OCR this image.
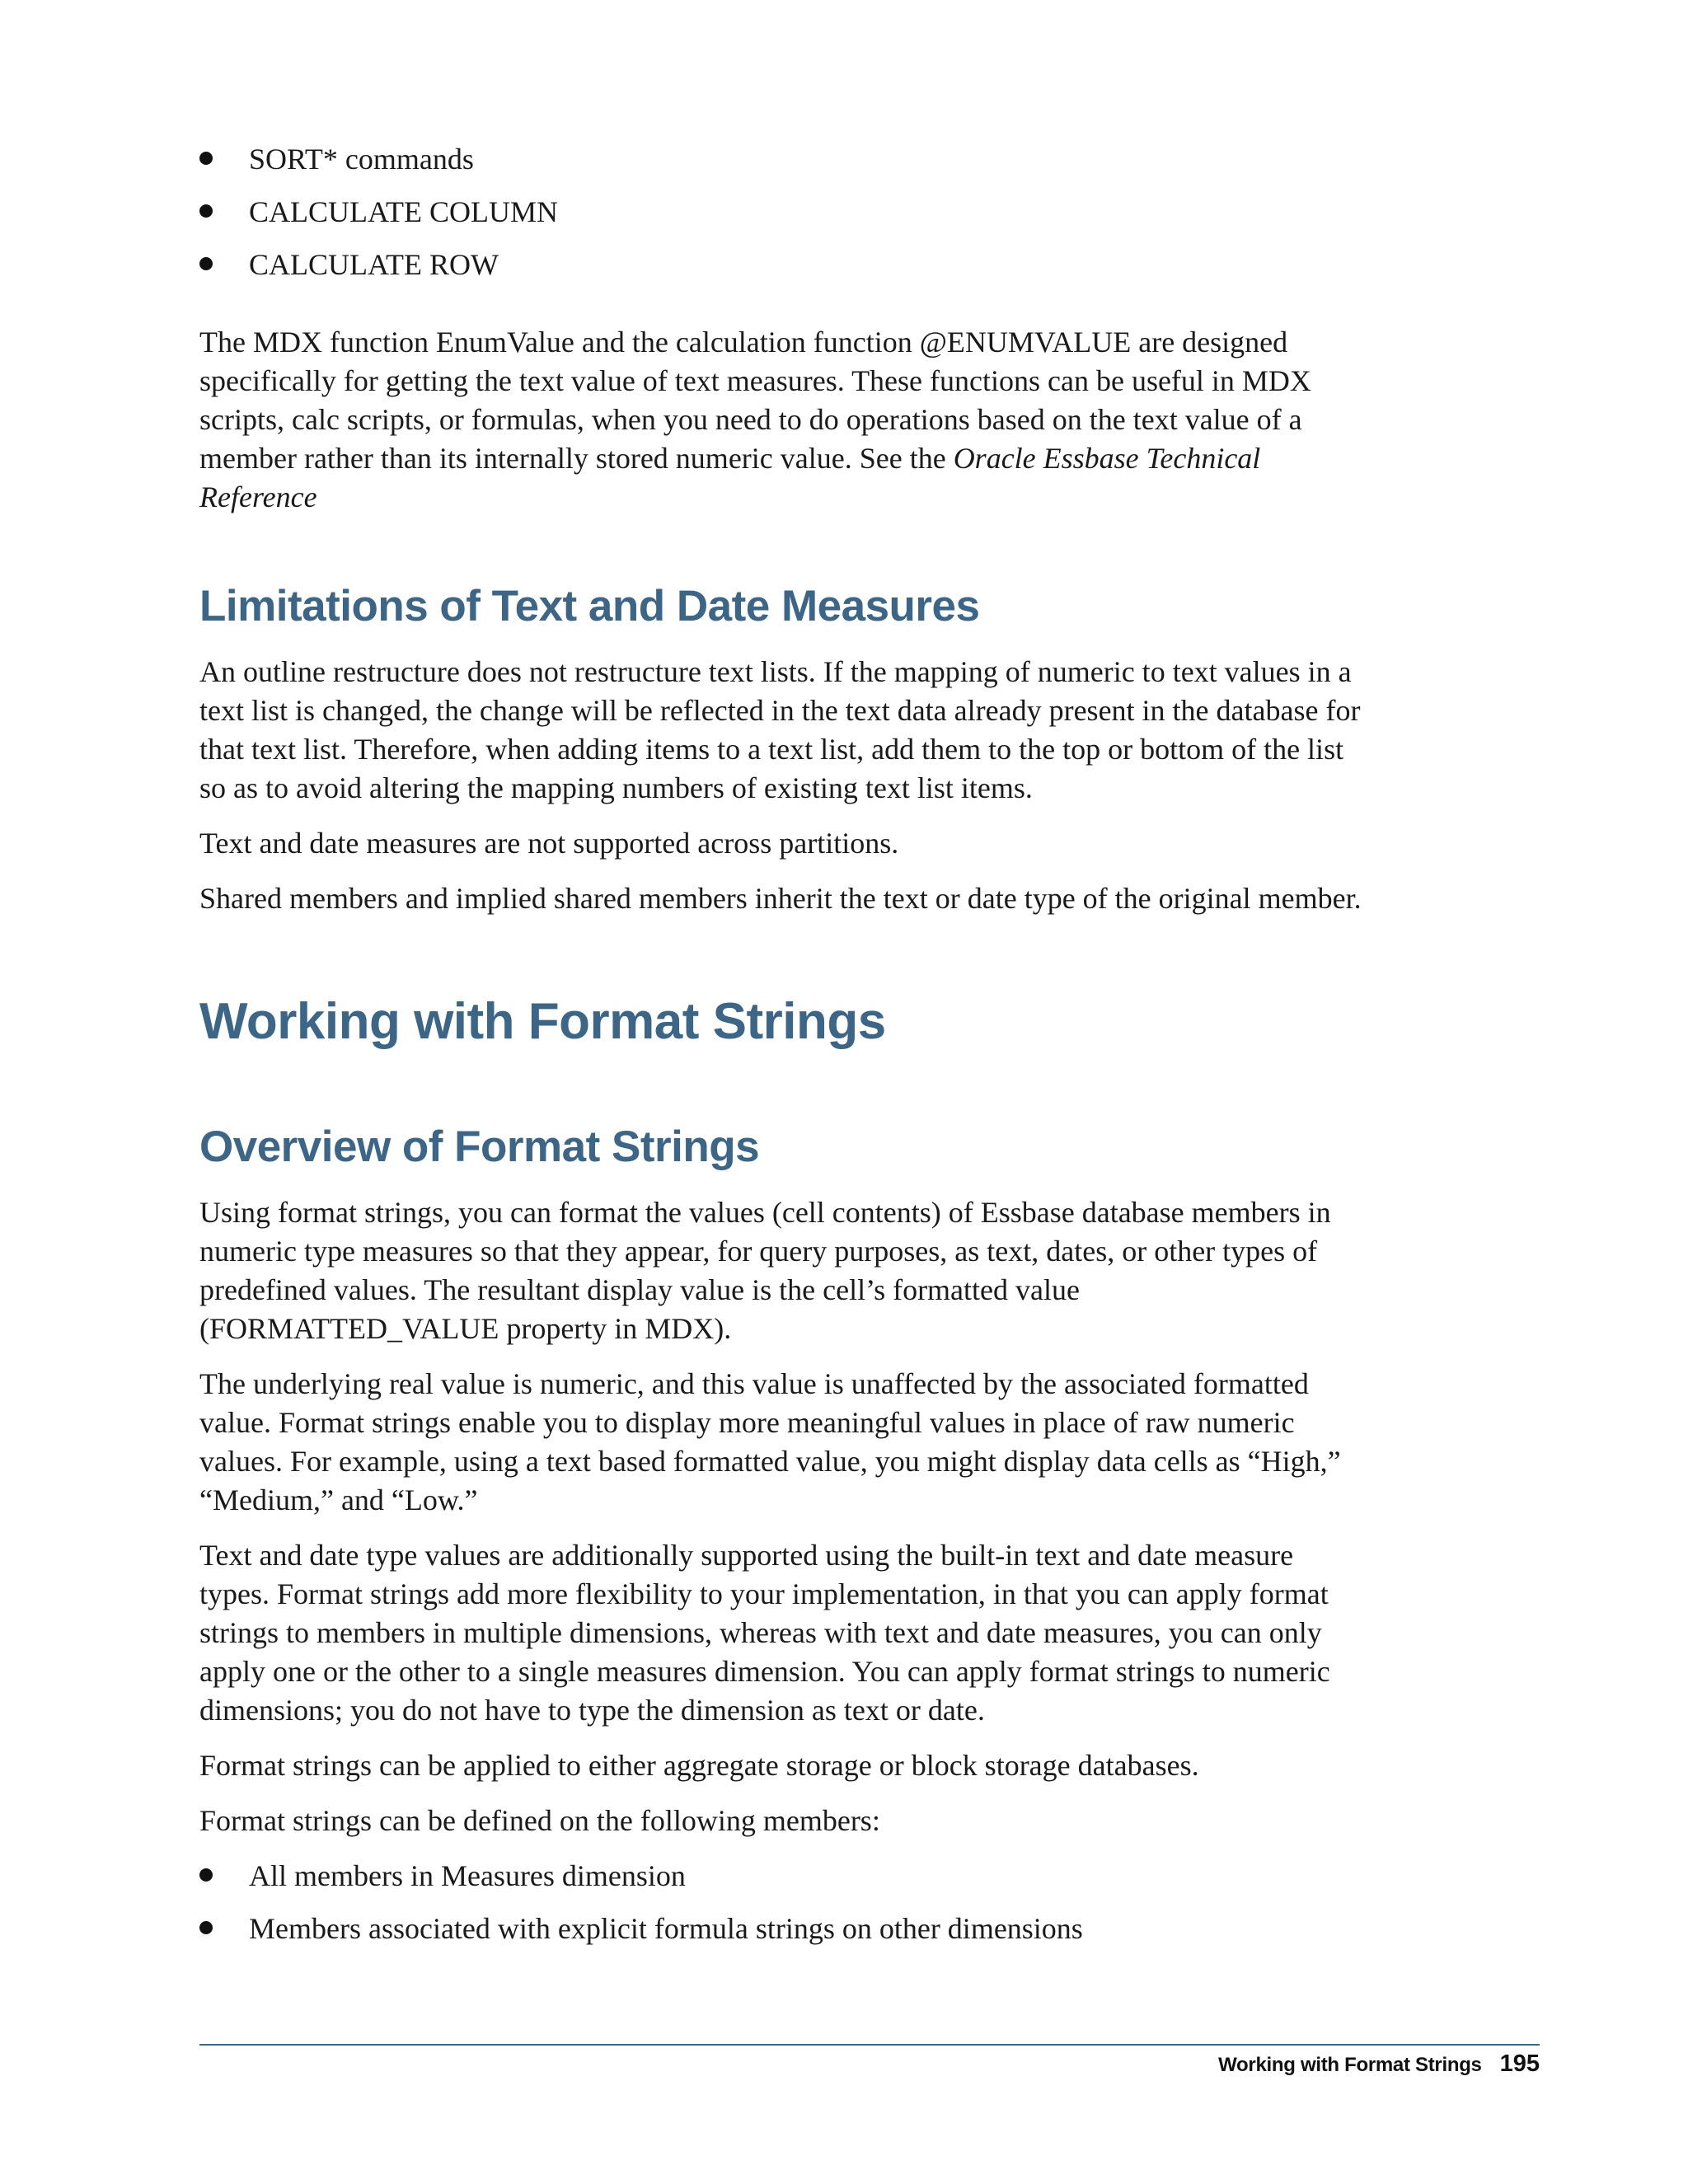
SORT* commands
CALCULATE COLUMN
CALCULATE ROW

The MDX function EnumValue and the calculation function @ENUMVALUE are designed specifically for getting the text value of text measures. These functions can be useful in MDX scripts, calc scripts, or formulas, when you need to do operations based on the text value of a member rather than its internally stored numeric value. See the Oracle Essbase Technical Reference

Limitations of Text and Date Measures

An outline restructure does not restructure text lists. If the mapping of numeric to text values in a text list is changed, the change will be reflected in the text data already present in the database for that text list. Therefore, when adding items to a text list, add them to the top or bottom of the list so as to avoid altering the mapping numbers of existing text list items.

Text and date measures are not supported across partitions.

Shared members and implied shared members inherit the text or date type of the original member.

Working with Format Strings
Overview of Format Strings

Using format strings, you can format the values (cell contents) of Essbase database members in numeric type measures so that they appear, for query purposes, as text, dates, or other types of predefined values. The resultant display value is the cell’s formatted value (FORMATTED_VALUE property in MDX).

The underlying real value is numeric, and this value is unaffected by the associated formatted value. Format strings enable you to display more meaningful values in place of raw numeric values. For example, using a text based formatted value, you might display data cells as “High,” “Medium,” and “Low.”

Text and date type values are additionally supported using the built-in text and date measure types. Format strings add more flexibility to your implementation, in that you can apply format strings to members in multiple dimensions, whereas with text and date measures, you can only apply one or the other to a single measures dimension. You can apply format strings to numeric dimensions; you do not have to type the dimension as text or date.

Format strings can be applied to either aggregate storage or block storage databases.

Format strings can be defined on the following members:

All members in Measures dimension
Members associated with explicit formula strings on other dimensions
Working with Format Strings 195
